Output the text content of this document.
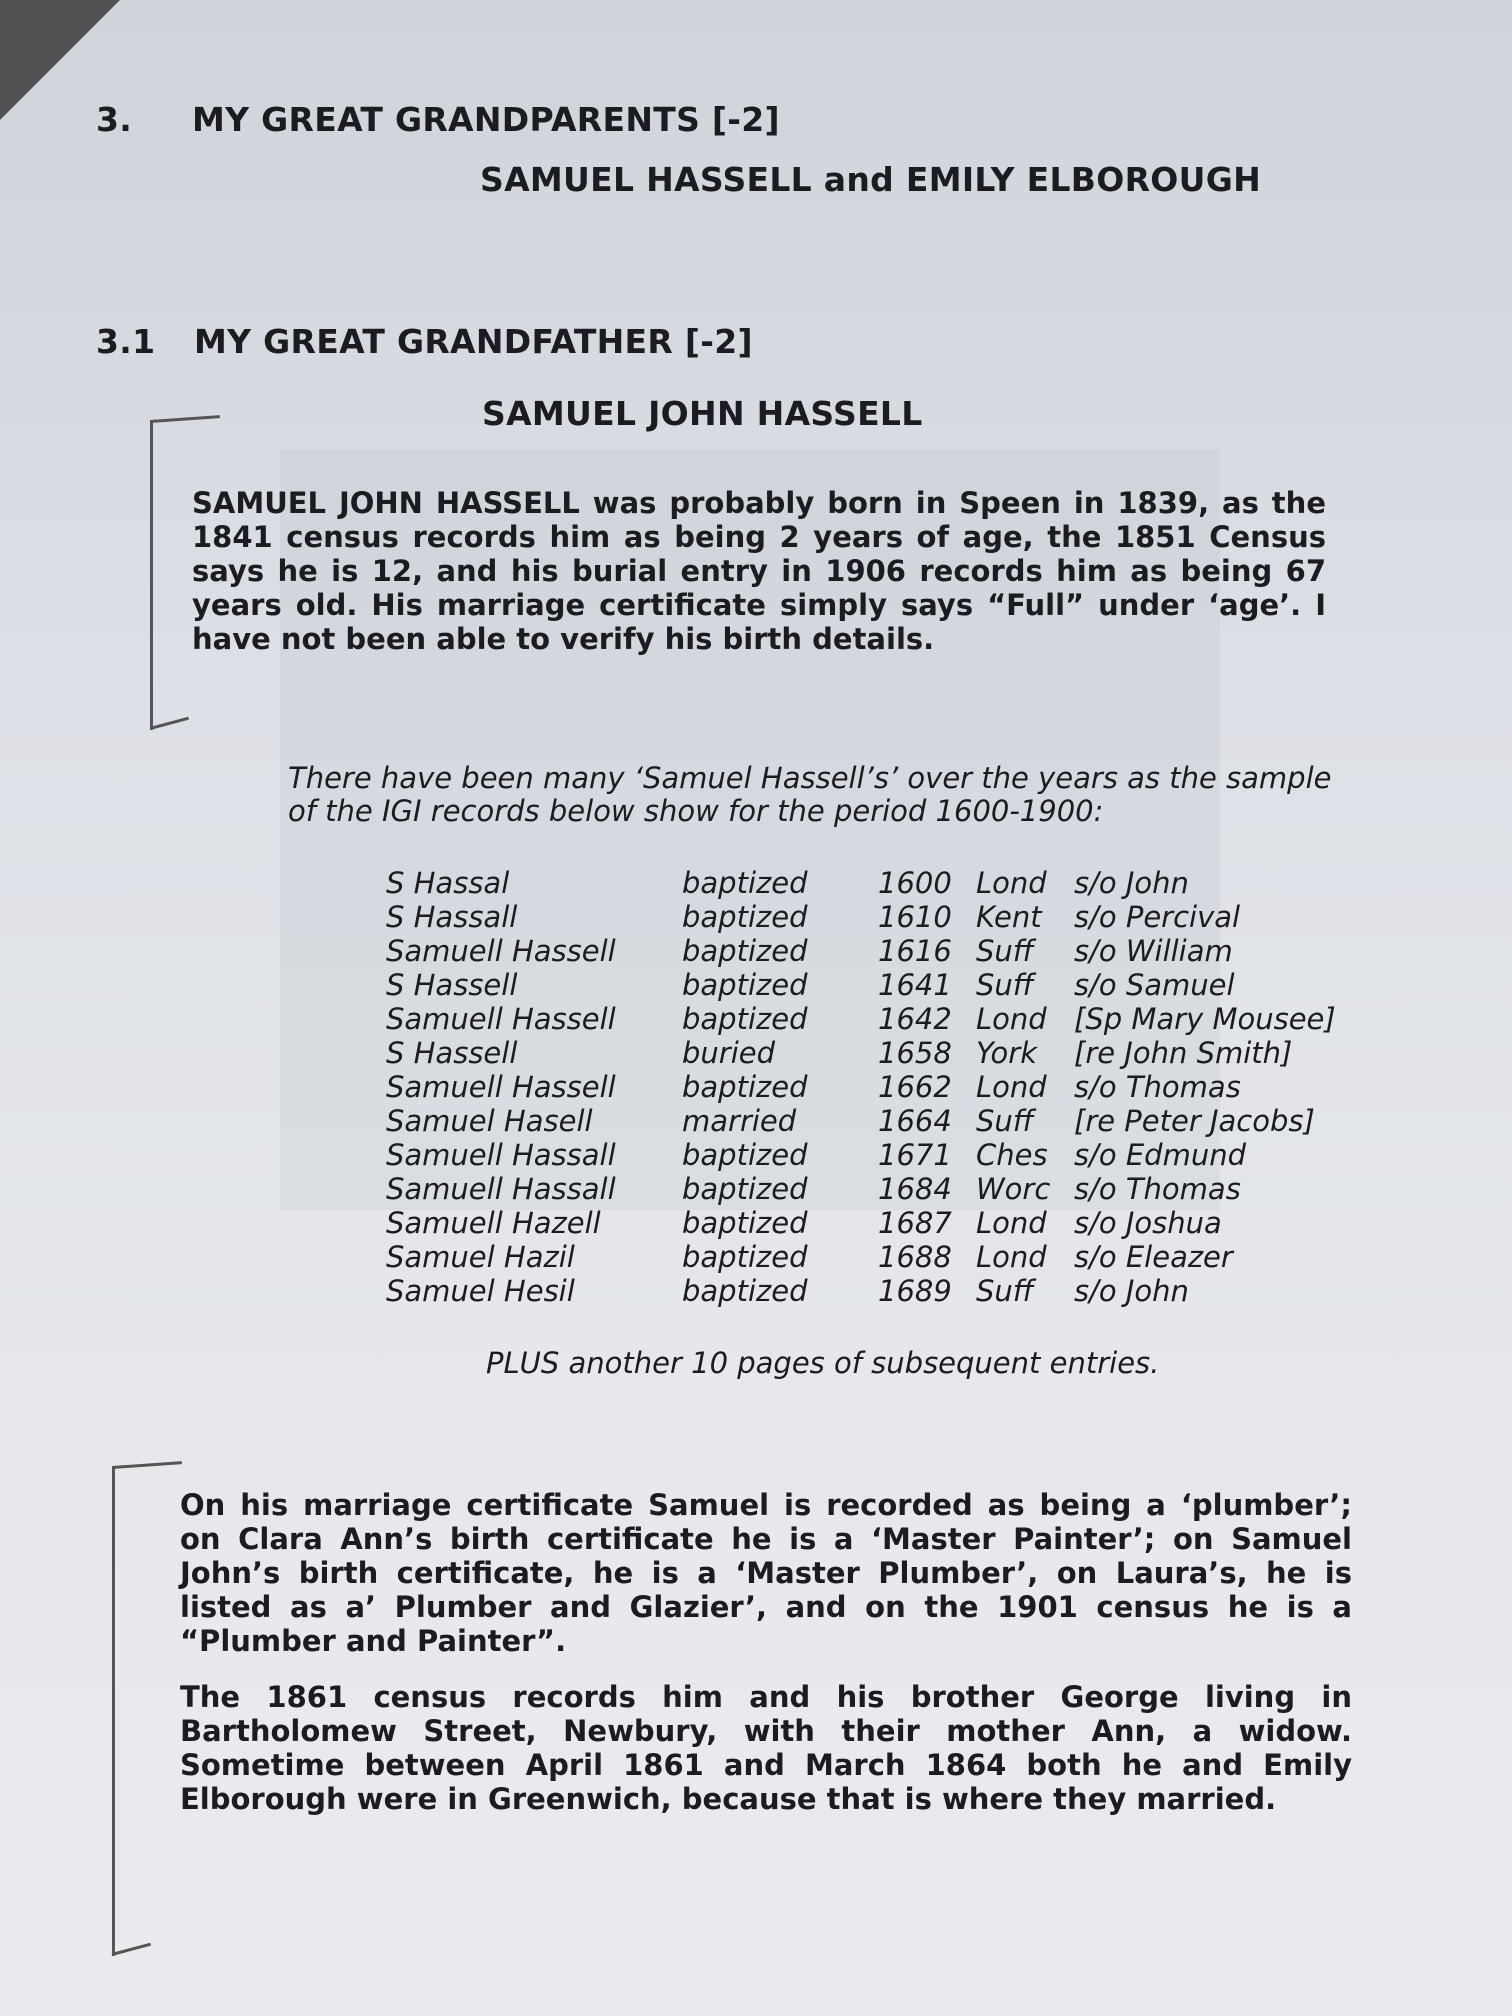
3. MY GREAT GRANDPARENTS [-2]
SAMUEL HASSELL and EMILY ELBOROUGH
3.1 MY GREAT GRANDFATHER [-2]
SAMUEL JOHN HASSELL

SAMUEL JOHN HASSELL was probably born in Speen in 1839, as the 1841 census records him as being 2 years of age, the 1851 Census says he is 12, and his burial entry in 1906 records him as being 67 years old. His marriage certificate simply says “Full” under ‘age’. I have not been able to verify his birth details.

There have been many ‘Samuel Hassell’s’ over the years as the sample of the IGI records below show for the period 1600-1900:
S Hassal	baptized	1600 Lond s/o John
S Hassall	baptized	1610 Kent	s/o Percival
Samuell Hassell	baptized	1616 Suff	s/o William
S Hassell	baptized	1641 Suff	s/o Samuel
Samuell Hassell	baptized	1642 Lond [Sp Mary Mousee]
S Hassell	buried	1658 York	[re John Smith]
Samuell Hassell	baptized	1662 Lond s/o Thomas
Samuel Hasell	married	1664 Suff	[re Peter Jacobs]
Samuell Hassall	baptized	1671 Ches s/o Edmund
Samuell Hassall	baptized	1684 Worc s/o Thomas
Samuell Hazell	baptized	1687 Lond s/o Joshua
Samuel Hazil	baptized	1688 Lond s/o Eleazer
Samuel Hesil	baptized	1689 Suff	s/o John
PLUS another 10 pages of subsequent entries.

On his marriage certificate Samuel is recorded as being a ‘plumber’; on Clara Ann’s birth certificate he is a ‘Master Painter’; on Samuel John’s birth certificate, he is a ‘Master Plumber’, on Laura’s, he is listed as a’ Plumber and Glazier’, and on the 1901 census he is a “Plumber and Painter”.

The 1861 census records him and his brother George living in Bartholomew Street, Newbury, with their mother Ann, a widow. Sometime between April 1861 and March 1864 both he and Emily Elborough were in Greenwich, because that is where they married.
